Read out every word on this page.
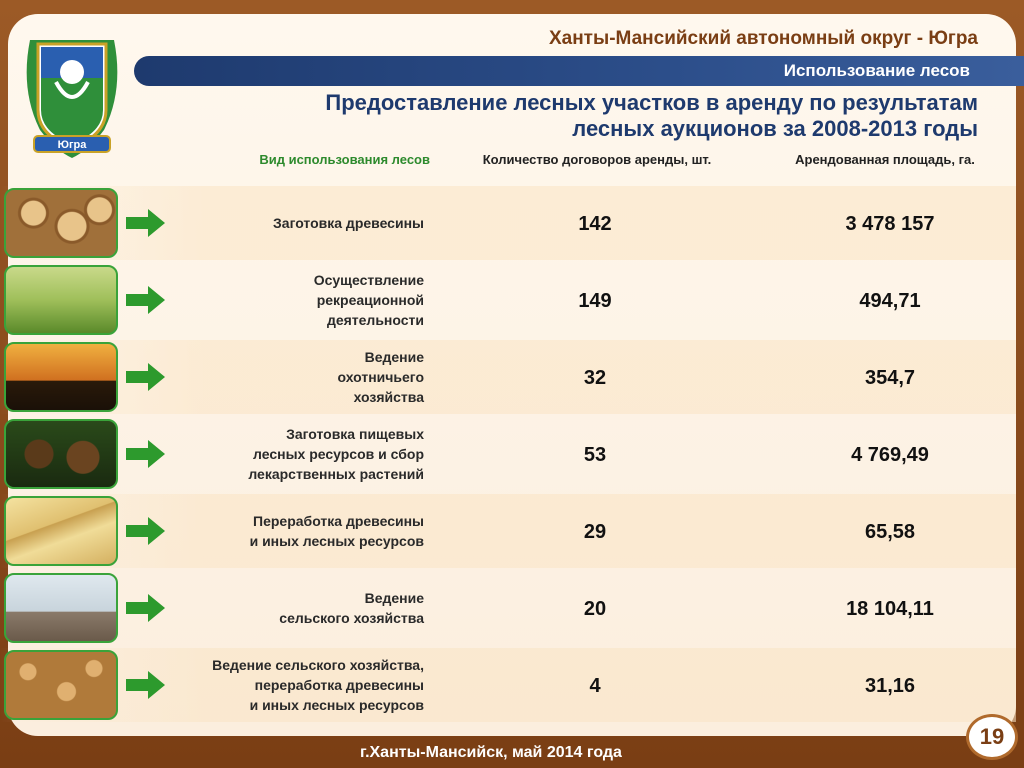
Югра
Ханты-Мансийский автономный округ - Югра
Использование лесов
Предоставление лесных участков в аренду по результатам
лесных аукционов за 2008-2013 годы
Вид использования лесов	Количество договоров аренды, шт.	Арендованная площадь, га.
Заготовка древесины	142	3 478 157
Осуществление
рекреационной
деятельности
149	494,71
Ведение
охотничьего
хозяйства
32	354,7
Заготовка пищевых
лесных ресурсов и сбор
лекарственных растений
53	4 769,49
Переработка древесины
и иных лесных ресурсов	29	65,58
Ведение
сельского хозяйства	20	18 104,11
Ведение сельского хозяйства,
переработка древесины
и иных лесных ресурсов
4	31,16
г.Ханты-Мансийск, май 2014 года
19
